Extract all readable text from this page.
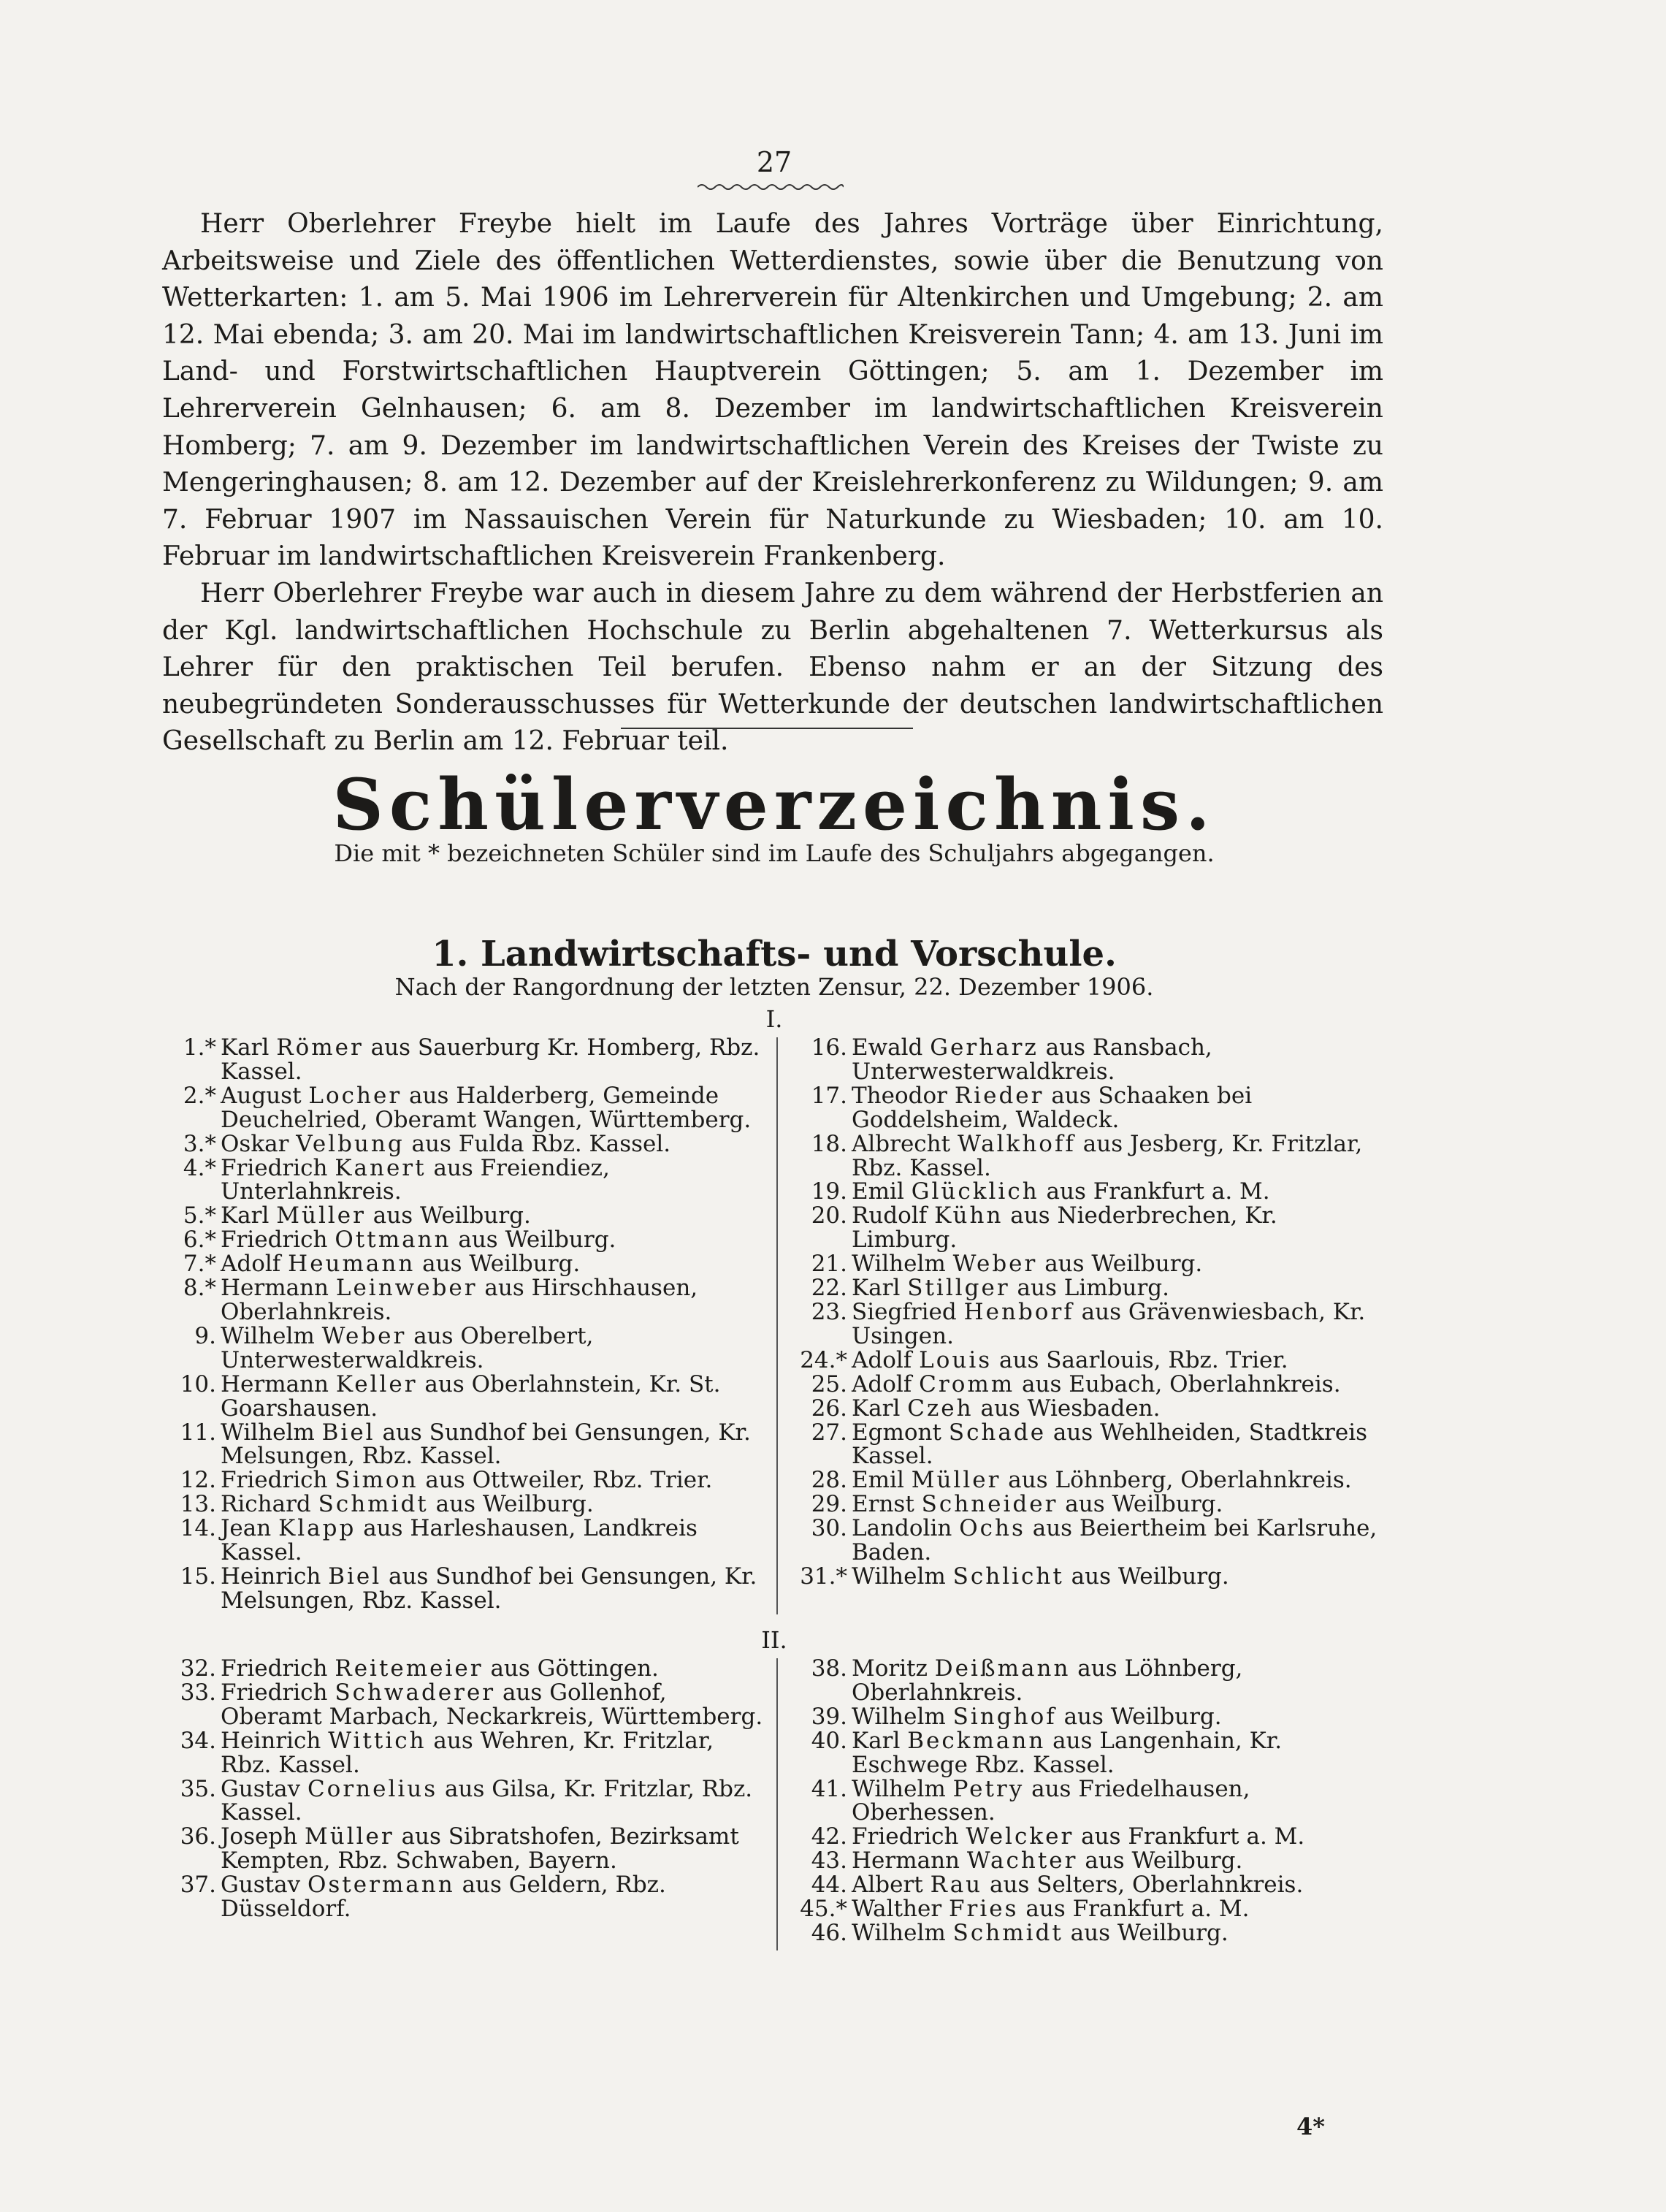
27

Herr Oberlehrer Freybe hielt im Laufe des Jahres Vorträge über Einrichtung, Arbeitsweise und Ziele des öffentlichen Wetterdienstes, sowie über die Benutzung von Wetterkarten: 1. am 5. Mai 1906 im Lehrerverein für Altenkirchen und Umgebung; 2. am 12. Mai ebenda; 3. am 20. Mai im landwirtschaftlichen Kreisverein Tann; 4. am 13. Juni im Land- und Forstwirtschaftlichen Hauptverein Göttingen; 5. am 1. Dezember im Lehrerverein Gelnhausen; 6. am 8. Dezember im landwirtschaftlichen Kreisverein Homberg; 7. am 9. Dezember im landwirtschaftlichen Verein des Kreises der Twiste zu Mengeringhausen; 8. am 12. Dezember auf der Kreislehrerkonferenz zu Wildungen; 9. am 7. Februar 1907 im Nassauischen Verein für Naturkunde zu Wiesbaden; 10. am 10. Februar im landwirtschaftlichen Kreisverein Frankenberg.

Herr Oberlehrer Freybe war auch in diesem Jahre zu dem während der Herbstferien an der Kgl. landwirtschaftlichen Hochschule zu Berlin abgehaltenen 7. Wetterkursus als Lehrer für den praktischen Teil berufen. Ebenso nahm er an der Sitzung des neubegründeten Sonderausschusses für Wetterkunde der deutschen landwirtschaftlichen Gesellschaft zu Berlin am 12. Februar teil.

Schülerverzeichnis.
Die mit * bezeichneten Schüler sind im Laufe des Schuljahrs abgegangen.
1. Landwirtschafts- und Vorschule.
Nach der Rangordnung der letzten Zensur, 22. Dezember 1906.
I.
1.* Karl Römer aus Sauerburg Kr. Homberg, Rbz. Kassel.
2.* August Locher aus Halderberg, Gemeinde Deuchelried, Oberamt Wangen, Württemberg.
3.* Oskar Velbung aus Fulda Rbz. Kassel.
4.* Friedrich Kanert aus Freiendiez, Unterlahnkreis.
5.* Karl Müller aus Weilburg.
6.* Friedrich Ottmann aus Weilburg.
7.* Adolf Heumann aus Weilburg.
8.* Hermann Leinweber aus Hirschhausen, Oberlahnkreis.
9. Wilhelm Weber aus Oberelbert, Unterwesterwaldkreis.
10. Hermann Keller aus Oberlahnstein, Kr. St. Goarshausen.
11. Wilhelm Biel aus Sundhof bei Gensungen, Kr. Melsungen, Rbz. Kassel.
12. Friedrich Simon aus Ottweiler, Rbz. Trier.
13. Richard Schmidt aus Weilburg.
14. Jean Klapp aus Harleshausen, Landkreis Kassel.
15. Heinrich Biel aus Sundhof bei Gensungen, Kr. Melsungen, Rbz. Kassel.
16. Ewald Gerharz aus Ransbach, Unterwesterwaldkreis.
17. Theodor Rieder aus Schaaken bei Goddelsheim, Waldeck.
18. Albrecht Walkhoff aus Jesberg, Kr. Fritzlar, Rbz. Kassel.
19. Emil Glücklich aus Frankfurt a. M.
20. Rudolf Kühn aus Niederbrechen, Kr. Limburg.
21. Wilhelm Weber aus Weilburg.
22. Karl Stillger aus Limburg.
23. Siegfried Henborf aus Grävenwiesbach, Kr. Usingen.
24.* Adolf Louis aus Saarlouis, Rbz. Trier.
25. Adolf Cromm aus Eubach, Oberlahnkreis.
26. Karl Czeh aus Wiesbaden.
27. Egmont Schade aus Wehlheiden, Stadtkreis Kassel.
28. Emil Müller aus Löhnberg, Oberlahnkreis.
29. Ernst Schneider aus Weilburg.
30. Landolin Ochs aus Beiertheim bei Karlsruhe, Baden.
31.* Wilhelm Schlicht aus Weilburg.
II.
32. Friedrich Reitemeier aus Göttingen.
33. Friedrich Schwaderer aus Gollenhof, Oberamt Marbach, Neckarkreis, Württemberg.
34. Heinrich Wittich aus Wehren, Kr. Fritzlar, Rbz. Kassel.
35. Gustav Cornelius aus Gilsa, Kr. Fritzlar, Rbz. Kassel.
36. Joseph Müller aus Sibratshofen, Bezirksamt Kempten, Rbz. Schwaben, Bayern.
37. Gustav Ostermann aus Geldern, Rbz. Düsseldorf.
38. Moritz Deißmann aus Löhnberg, Oberlahnkreis.
39. Wilhelm Singhof aus Weilburg.
40. Karl Beckmann aus Langenhain, Kr. Eschwege Rbz. Kassel.
41. Wilhelm Petry aus Friedelhausen, Oberhessen.
42. Friedrich Welcker aus Frankfurt a. M.
43. Hermann Wachter aus Weilburg.
44. Albert Rau aus Selters, Oberlahnkreis.
45.* Walther Fries aus Frankfurt a. M.
46. Wilhelm Schmidt aus Weilburg.
4*
